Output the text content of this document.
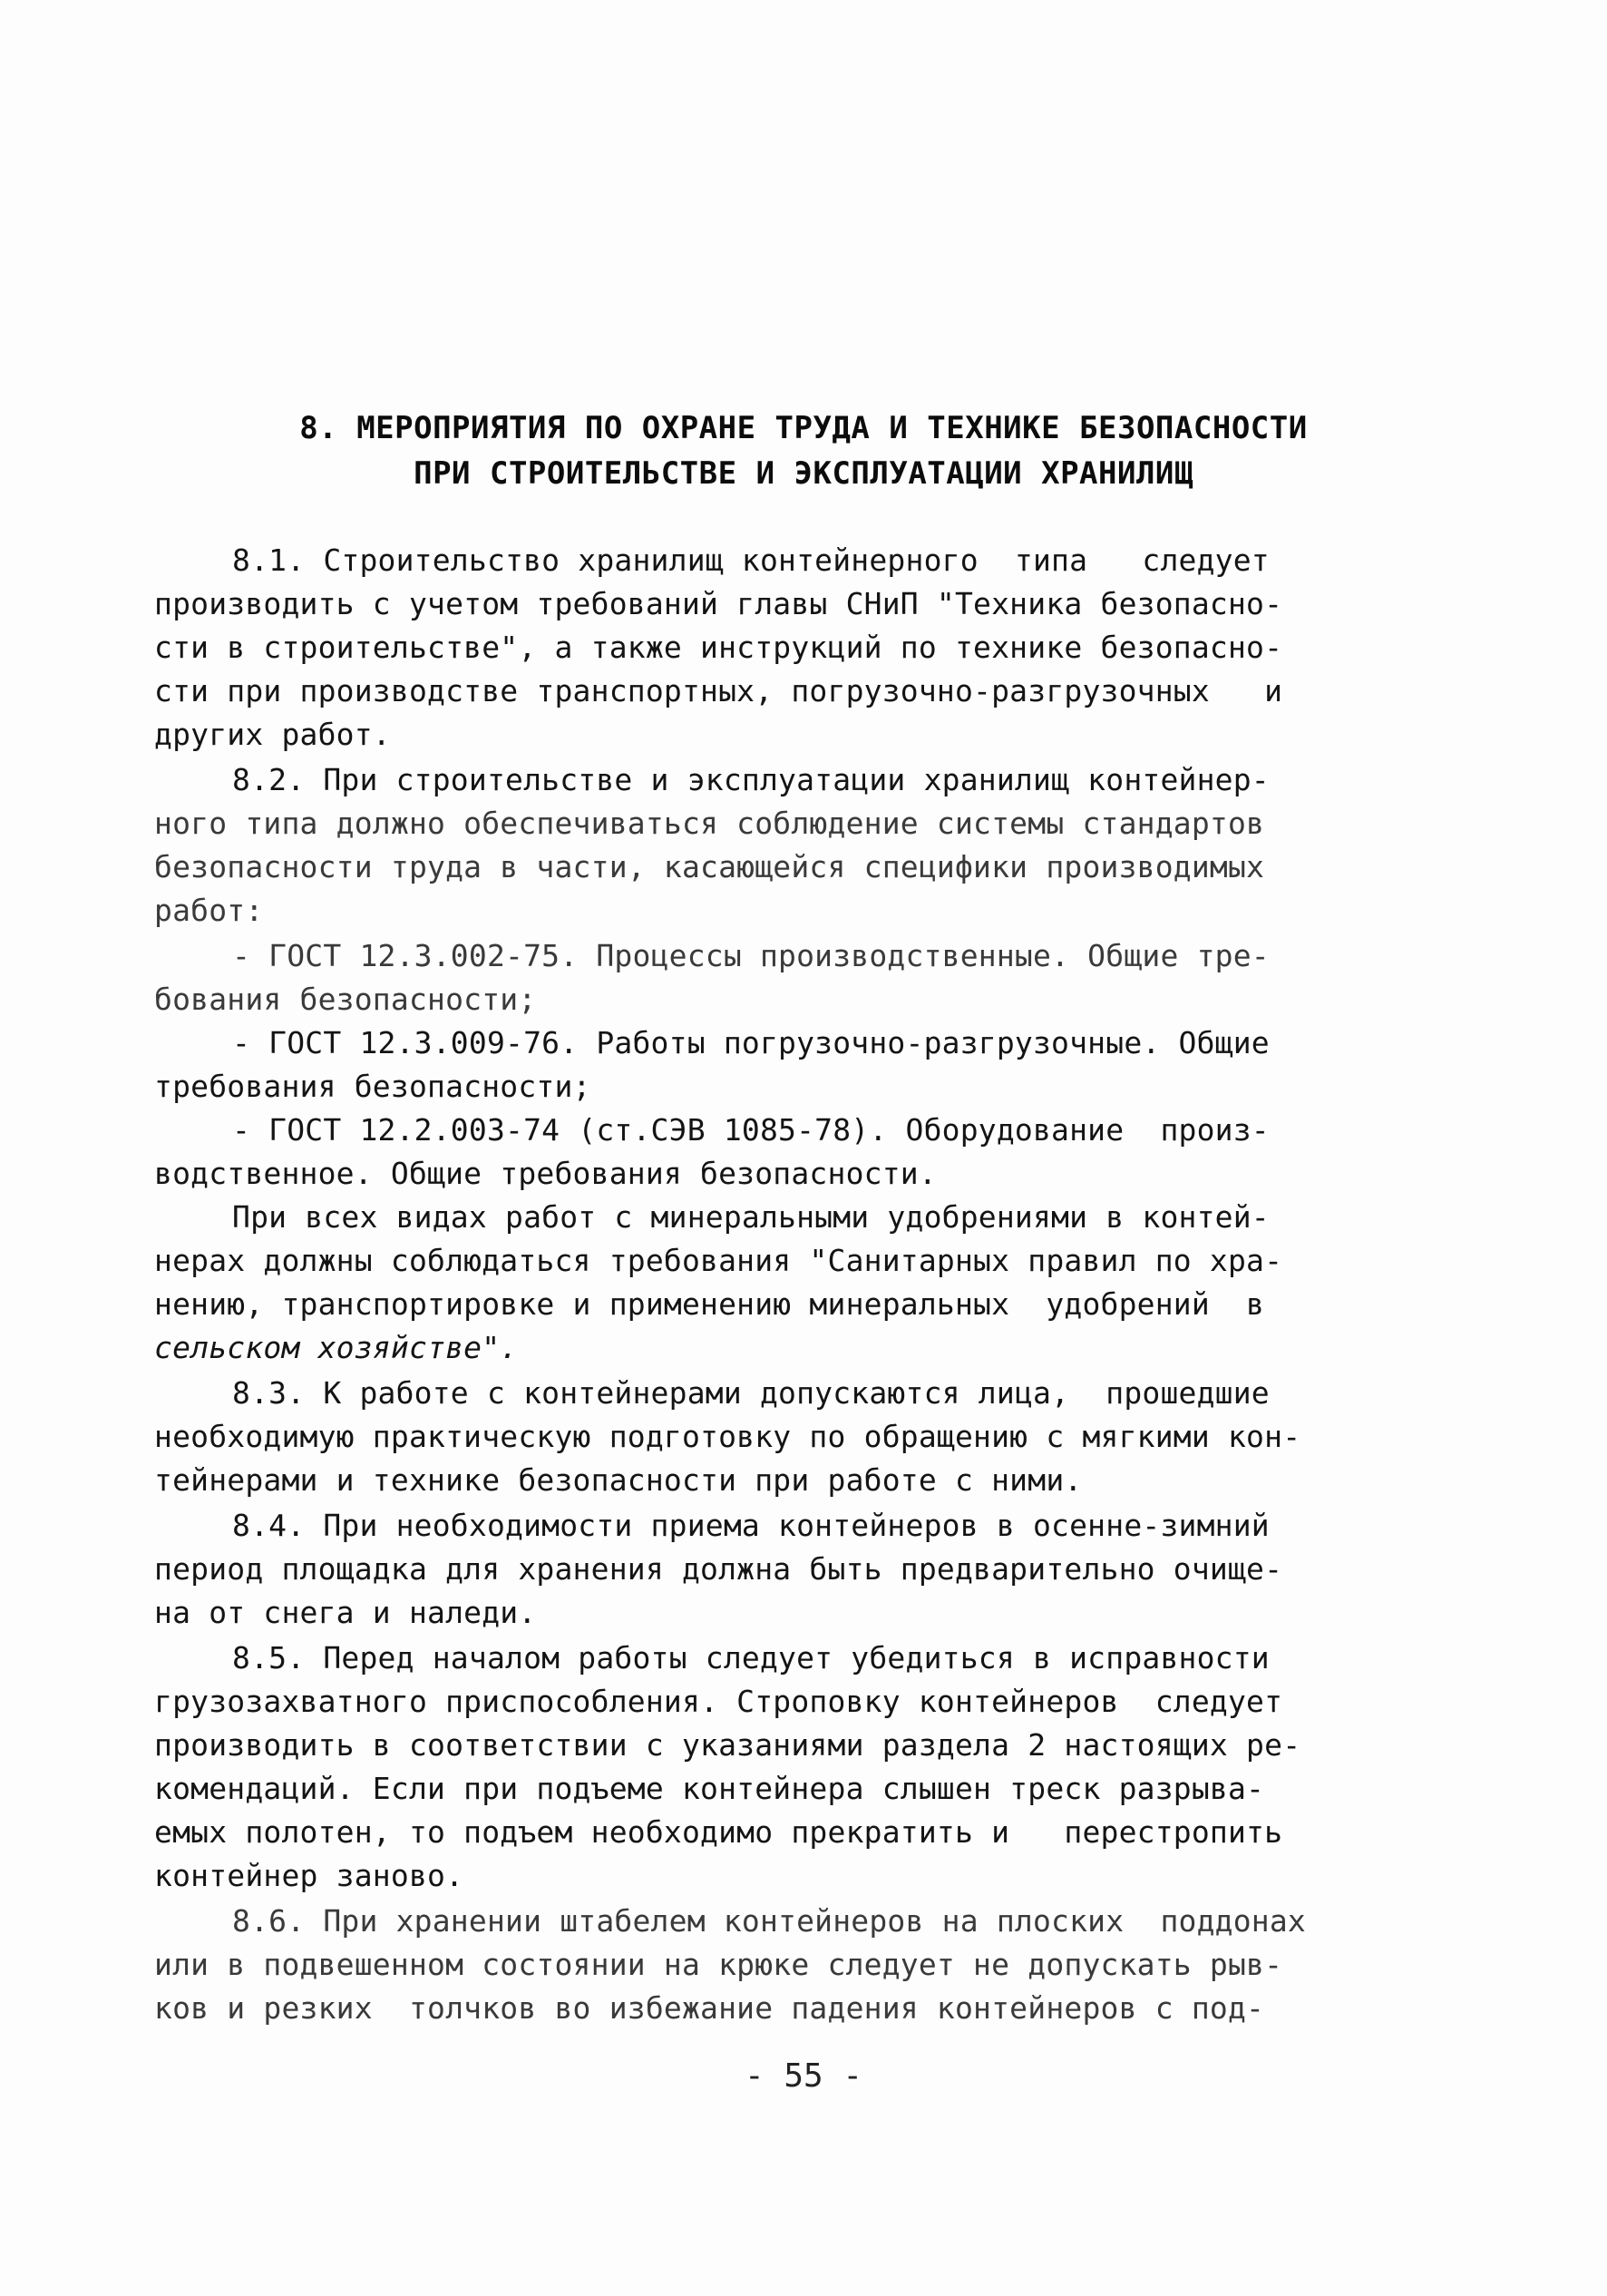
8. МЕРОПРИЯТИЯ ПО ОХРАНЕ ТРУДА И ТЕХНИКЕ БЕЗОПАСНОСТИ
ПРИ СТРОИТЕЛЬСТВЕ И ЭКСПЛУАТАЦИИ ХРАНИЛИЩ
8.1. Строительство хранилищ контейнерного  типа   следует
производить с учетом требований главы СНиП "Техника безопасно-
сти в строительстве", а также инструкций по технике безопасно-
сти при производстве транспортных, погрузочно-разгрузочных   и
других работ.
8.2. При строительстве и эксплуатации хранилищ контейнер-
ного типа должно обеспечиваться соблюдение системы стандартов
безопасности труда в части, касающейся специфики производимых
работ:
- ГОСТ 12.3.002-75. Процессы производственные. Общие тре-
бования безопасности;
- ГОСТ 12.3.009-76. Работы погрузочно-разгрузочные. Общие
требования безопасности;
- ГОСТ 12.2.003-74 (ст.СЭВ 1085-78). Оборудование  произ-
водственное. Общие требования безопасности.
При всех видах работ с минеральными удобрениями в контей-
нерах должны соблюдаться требования "Санитарных правил по хра-
нению, транспортировке и применению минеральных  удобрений  в
сельском хозяйстве".
8.3. К работе с контейнерами допускаются лица,  прошедшие
необходимую практическую подготовку по обращению с мягкими кон-
тейнерами и технике безопасности при работе с ними.
8.4. При необходимости приема контейнеров в осенне-зимний
период площадка для хранения должна быть предварительно очище-
на от снега и наледи.
8.5. Перед началом работы следует убедиться в исправности
грузозахватного приспособления. Строповку контейнеров  следует
производить в соответствии с указаниями раздела 2 настоящих ре-
комендаций. Если при подъеме контейнера слышен треск разрыва-
емых полотен, то подъем необходимо прекратить и   перестропить
контейнер заново.
8.6. При хранении штабелем контейнеров на плоских  поддонах
или в подвешенном состоянии на крюке следует не допускать рыв-
ков и резких  толчков во избежание падения контейнеров с под-
- 55 -
